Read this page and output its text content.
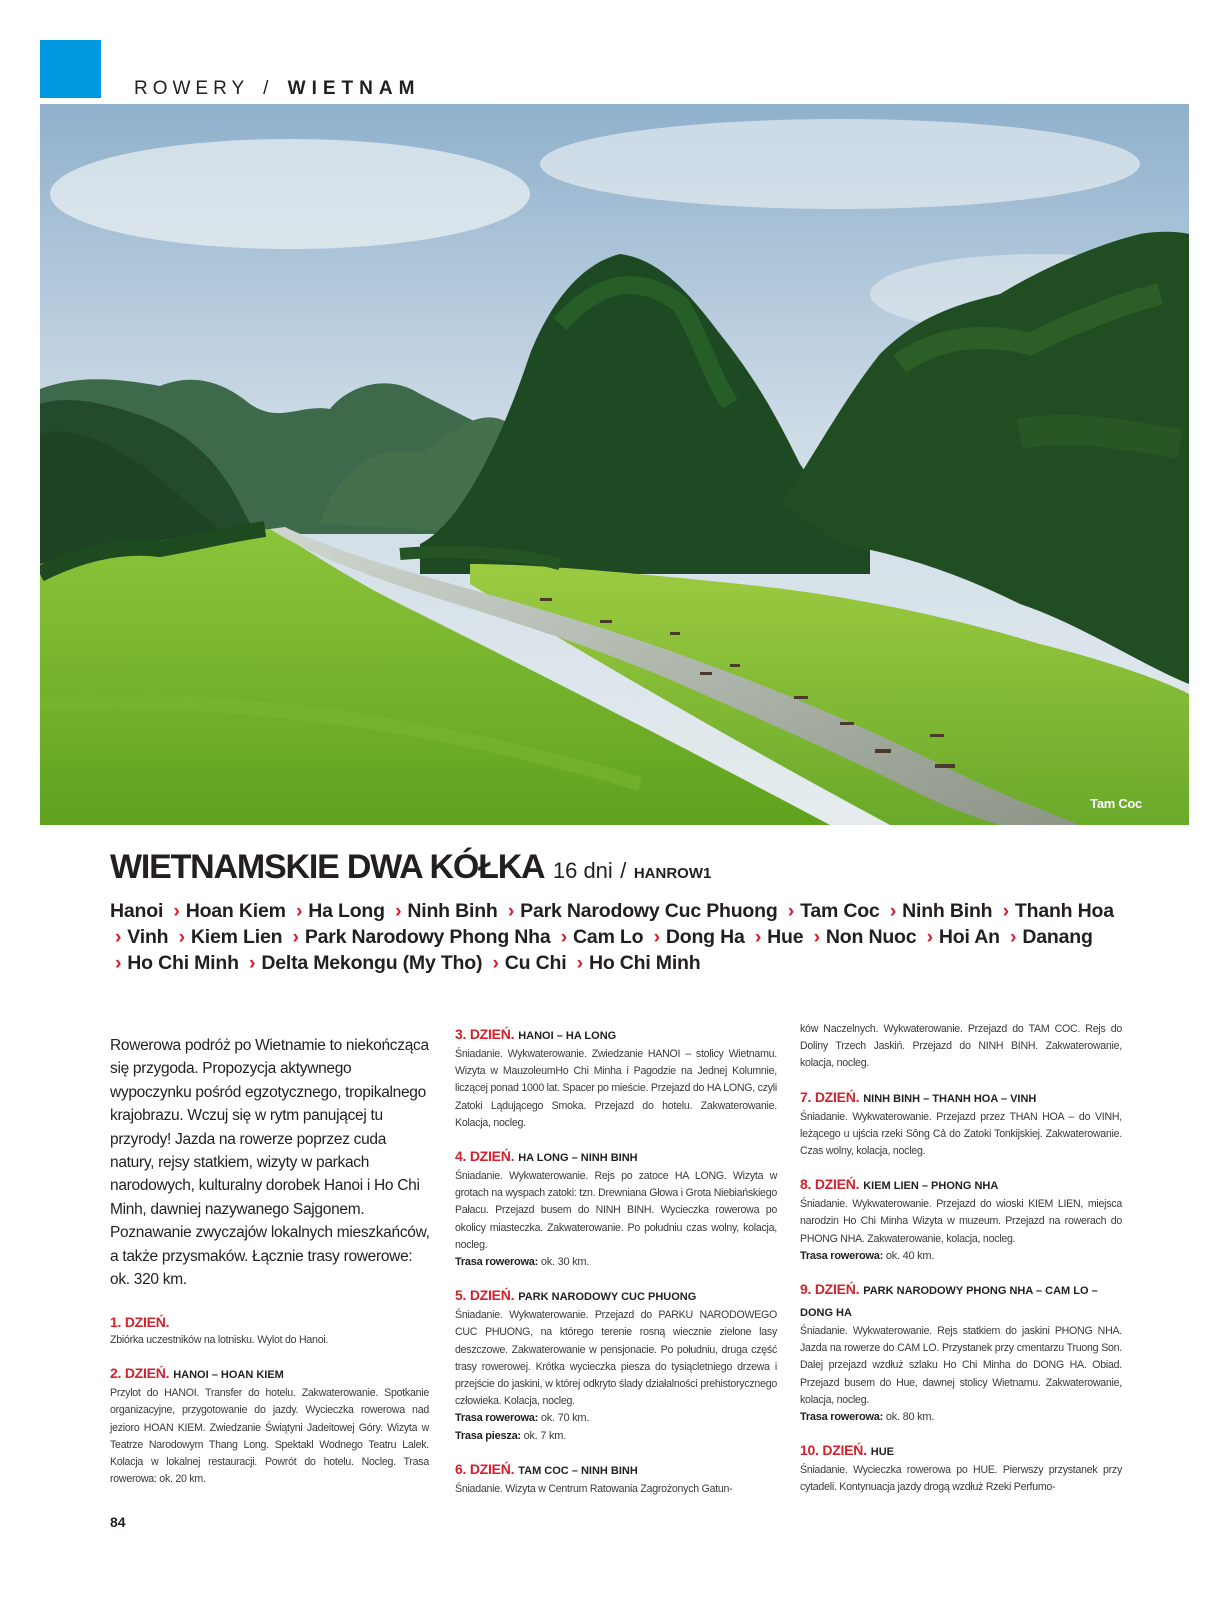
ROWERY / WIETNAM
Tam Coc
WIETNAMSKIE DWA KÓŁKA 16 dni / HANROW1
Hanoi › Hoan Kiem › Ha Long › Ninh Binh › Park Narodowy Cuc Phuong › Tam Coc › Ninh Binh › Thanh Hoa › Vinh › Kiem Lien › Park Narodowy Phong Nha › Cam Lo › Dong Ha › Hue › Non Nuoc › Hoi An › Danang › Ho Chi Minh › Delta Mekongu (My Tho) › Cu Chi › Ho Chi Minh
Rowerowa podróż po Wietnamie to niekończąca się przygoda. Propozycja aktywnego wypoczynku pośród egzotycznego, tropikalnego krajobrazu. Wczuj się w rytm panującej tu przyrody! Jazda na rowerze poprzez cuda natury, rejsy statkiem, wizyty w parkach narodowych, kulturalny dorobek Hanoi i Ho Chi Minh, dawniej nazywanego Sajgonem. Poznawanie zwyczajów lokalnych mieszkańców, a także przysmaków. Łącznie trasy rowerowe: ok. 320 km.
1. DZIEŃ.
Zbiórka uczestników na lotnisku. Wylot do Hanoi.
2. DZIEŃ. HANOI – HOAN KIEM
Przylot do HANOI. Transfer do hotelu. Zakwaterowanie. Spotkanie organizacyjne, przygotowanie do jazdy. Wycieczka rowerowa nad jezioro HOAN KIEM. Zwiedzanie Świątyni Jadeitowej Góry. Wizyta w Teatrze Narodowym Thang Long. Spektakl Wodnego Teatru Lalek. Kolacja w lokalnej restauracji. Powrót do hotelu. Nocleg. Trasa rowerowa: ok. 20 km.
3. DZIEŃ. HANOI – HA LONG
Śniadanie. Wykwaterowanie. Zwiedzanie HANOI – stolicy Wietnamu. Wizyta w MauzoleumHo Chi Minha i Pagodzie na Jednej Kolumnie, liczącej ponad 1000 lat. Spacer po mieście. Przejazd do HA LONG, czyli Zatoki Lądującego Smoka. Przejazd do hotelu. Zakwaterowanie. Kolacja, nocleg.
4. DZIEŃ. HA LONG – NINH BINH
Śniadanie. Wykwaterowanie. Rejs po zatoce HA LONG. Wizyta w grotach na wyspach zatoki: tzn. Drewniana Głowa i Grota Niebiańskiego Pałacu. Przejazd busem do NINH BINH. Wycieczka rowerowa po okolicy miasteczka. Zakwaterowanie. Po południu czas wolny, kolacja, nocleg.
Trasa rowerowa: ok. 30 km.
5. DZIEŃ. PARK NARODOWY CUC PHUONG
Śniadanie. Wykwaterowanie. Przejazd do PARKU NARODOWEGO CUC PHUONG, na którego terenie rosną wiecznie zielone lasy deszczowe. Zakwaterowanie w pensjonacie. Po południu, druga część trasy rowerowej. Krótka wycieczka piesza do tysiącletniego drzewa i przejście do jaskini, w której odkryto ślady działalności prehistorycznego człowieka. Kolacja, nocleg.
Trasa rowerowa: ok. 70 km.
Trasa piesza: ok. 7 km.
6. DZIEŃ. TAM COC – NINH BINH
Śniadanie. Wizyta w Centrum Ratowania Zagrożonych Gatun-
ków Naczelnych. Wykwaterowanie. Przejazd do TAM COC. Rejs do Doliny Trzech Jaskiń. Przejazd do NINH BINH. Zakwaterowanie, kolacja, nocleg.
7. DZIEŃ. NINH BINH – THANH HOA – VINH
Śniadanie. Wykwaterowanie. Przejazd przez THAN HOA – do VINH, leżącego u ujścia rzeki Sông Cả do Zatoki Tonkijskiej. Zakwaterowanie. Czas wolny, kolacja, nocleg.
8. DZIEŃ. KIEM LIEN – PHONG NHA
Śniadanie. Wykwaterowanie. Przejazd do wioski KIEM LIEN, miejsca narodzin Ho Chi Minha Wizyta w muzeum. Przejazd na rowerach do PHONG NHA. Zakwaterowanie, kolacja, nocleg.
Trasa rowerowa: ok. 40 km.
9. DZIEŃ. PARK NARODOWY PHONG NHA – CAM LO – DONG HA
Śniadanie. Wykwaterowanie. Rejs statkiem do jaskini PHONG NHA. Jazda na rowerze do CAM LO. Przystanek przy cmentarzu Truong Son. Dalej przejazd wzdłuż szlaku Ho Chi Minha do DONG HA. Obiad. Przejazd busem do Hue, dawnej stolicy Wietnamu. Zakwaterowanie, kolacja, nocleg.
Trasa rowerowa: ok. 80 km.
10. DZIEŃ. HUE
Śniadanie. Wycieczka rowerowa po HUE. Pierwszy przystanek przy cytadeli. Kontynuacja jazdy drogą wzdłuż Rzeki Perfumo-
84
